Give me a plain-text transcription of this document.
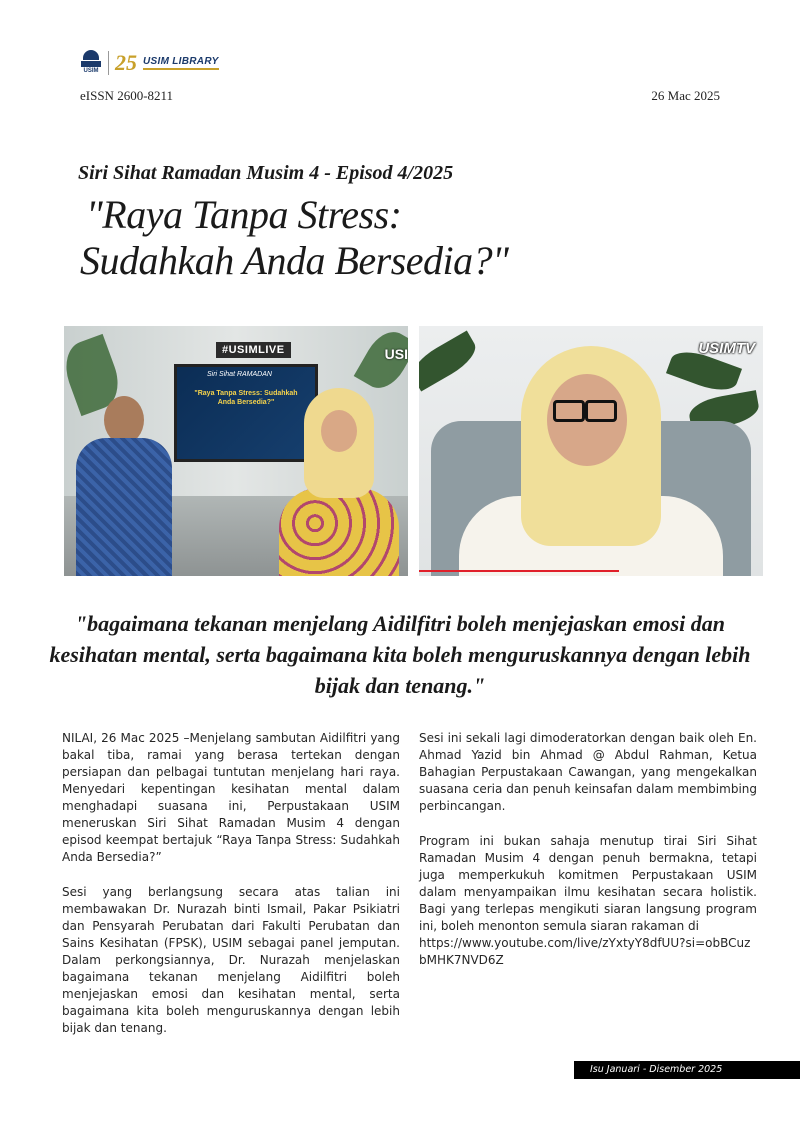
USIM 25 USIM LIBRARY
eISSN 2600-8211	26 Mac 2025
Siri Sihat Ramadan Musim 4 - Episod 4/2025
"Raya Tanpa Stress:
Sudahkah Anda Bersedia?"
#USIMLIVE	USI
Siri Sihat RAMADAN
"Raya Tanpa Stress: Sudahkah Anda Bersedia?"
USIMTV
"bagaimana tekanan menjelang Aidilfitri boleh menjejaskan emosi dan kesihatan mental, serta bagaimana kita boleh menguruskannya dengan lebih bijak dan tenang."

NILAI, 26 Mac 2025 –Menjelang sambutan Aidilfitri yang bakal tiba, ramai yang berasa tertekan dengan persiapan dan pelbagai tuntutan menjelang hari raya. Menyedari kepentingan kesihatan mental dalam menghadapi suasana ini, Perpustakaan USIM meneruskan Siri Sihat Ramadan Musim 4 dengan episod keempat bertajuk “Raya Tanpa Stress: Sudahkah Anda Bersedia?”

Sesi yang berlangsung secara atas talian ini membawakan Dr. Nurazah binti Ismail, Pakar Psikiatri dan Pensyarah Perubatan dari Fakulti Perubatan dan Sains Kesihatan (FPSK), USIM sebagai panel jemputan. Dalam perkongsiannya, Dr. Nurazah menjelaskan bagaimana tekanan menjelang Aidilfitri boleh menjejaskan emosi dan kesihatan mental, serta bagaimana kita boleh menguruskannya dengan lebih bijak dan tenang.

Sesi ini sekali lagi dimoderatorkan dengan baik oleh En. Ahmad Yazid bin Ahmad @ Abdul Rahman, Ketua Bahagian Perpustakaan Cawangan, yang mengekalkan suasana ceria dan penuh keinsafan dalam membimbing perbincangan.

Program ini bukan sahaja menutup tirai Siri Sihat Ramadan Musim 4 dengan penuh bermakna, tetapi juga memperkukuh komitmen Perpustakaan USIM dalam menyampaikan ilmu kesihatan secara holistik. Bagi yang terlepas mengikuti siaran langsung program ini, boleh menonton semula siaran rakaman di

https://www.youtube.com/live/zYxtyY8dfUU?si=obBCuzbMHK7NVD6Z
Isu Januari - Disember 2025
